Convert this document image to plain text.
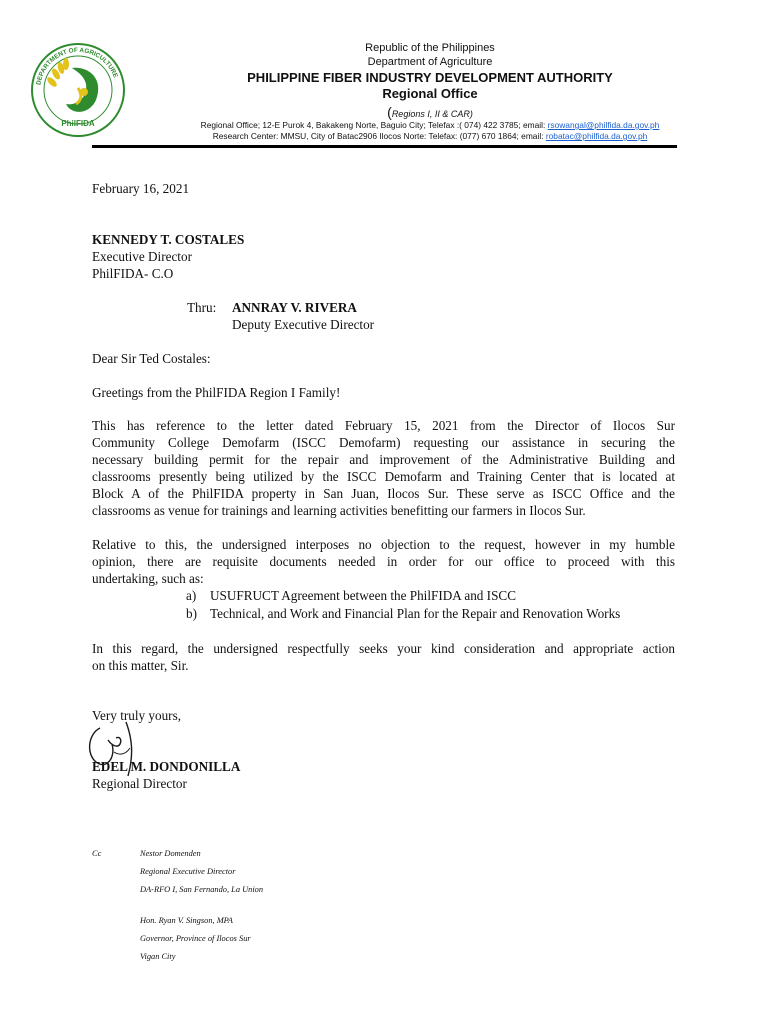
DEPARTMENT OF AGRICULTURE
PhilFIDA
Republic of the Philippines
Department of Agriculture
PHILIPPINE FIBER INDUSTRY DEVELOPMENT AUTHORITY
Regional Office
(Regions I, II & CAR)
Regional Office; 12-E Purok 4, Bakakeng Norte, Baguio City; Telefax :( 074) 422 3785; email: rsowangal@philfida.da.gov.ph
Research Center: MMSU, City of Batac2906 Ilocos Norte: Telefax: (077) 670 1864; email: robatac@philfida.da.gov.ph
February 16, 2021
KENNEDY T. COSTALES
Executive Director
PhilFIDA- C.O
Thru: ANNRAY V. RIVERA
Deputy Executive Director
Dear Sir Ted Costales:
Greetings from the PhilFIDA Region I Family!
This has reference to the letter dated February 15, 2021 from the Director of Ilocos Sur
Community College Demofarm (ISCC Demofarm) requesting our assistance in securing the
necessary building permit for the repair and improvement of the Administrative Building and
classrooms presently being utilized by the ISCC Demofarm and Training Center that is located at
Block A of the PhilFIDA property in San Juan, Ilocos Sur. These serve as ISCC Office and the
classrooms as venue for trainings and learning activities benefitting our farmers in Ilocos Sur.
Relative to this, the undersigned interposes no objection to the request, however in my humble
opinion, there are requisite documents needed in order for our office to proceed with this
undertaking, such as:
a) USUFRUCT Agreement between the PhilFIDA and ISCC
b) Technical, and Work and Financial Plan for the Repair and Renovation Works
In this regard, the undersigned respectfully seeks your kind consideration and appropriate action
on this matter, Sir.
Very truly yours,
EDEL M. DONDONILLA
Regional Director
Cc	Nestor Domenden
Regional Executive Director
DA-RFO I, San Fernando, La Union
Hon. Ryan V. Singson, MPA
Governor, Province of Ilocos Sur
Vigan City
